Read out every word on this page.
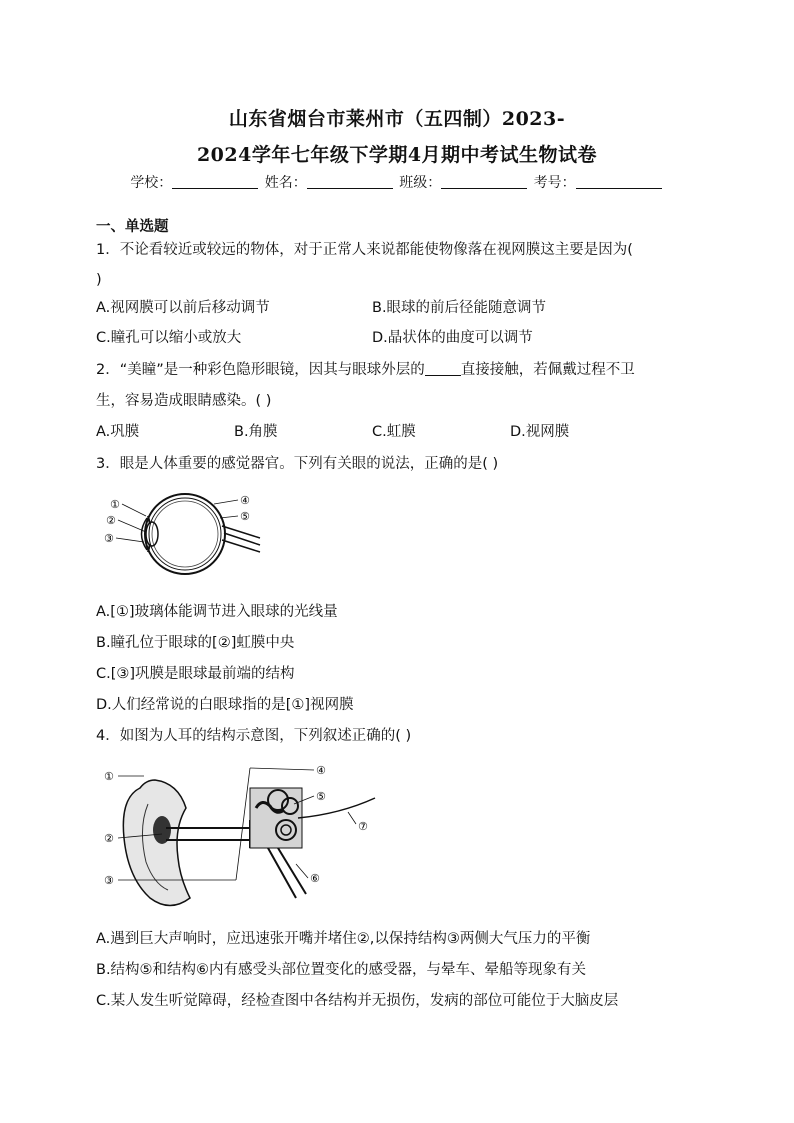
山东省烟台市莱州市（五四制）2023-
2024学年七年级下学期4月期中考试生物试卷
学校：	姓名：	班级：	考号：
一、单选题
1．不论看较近或较远的物体，对于正常人来说都能使物像落在视网膜这主要是因为(
)
A.视网膜可以前后移动调节	B.眼球的前后径能随意调节
C.瞳孔可以缩小或放大	D.晶状体的曲度可以调节
2．“美瞳”是一种彩色隐形眼镜，因其与眼球外层的 直接接触，若佩戴过程不卫
生，容易造成眼睛感染。( )
A.巩膜	B.角膜	C.虹膜	D.视网膜
3．眼是人体重要的感觉器官。下列有关眼的说法，正确的是( )
①
②
③
④
⑤
A.[①]玻璃体能调节进入眼球的光线量
B.瞳孔位于眼球的[②]虹膜中央
C.[③]巩膜是眼球最前端的结构
D.人们经常说的白眼球指的是[①]视网膜
4．如图为人耳的结构示意图，下列叙述正确的( )
①
②
③
④
⑤
⑥
⑦
A.遇到巨大声响时，应迅速张开嘴并堵住②,以保持结构③两侧大气压力的平衡
B.结构⑤和结构⑥内有感受头部位置变化的感受器，与晕车、晕船等现象有关
C.某人发生听觉障碍，经检查图中各结构并无损伤，发病的部位可能位于大脑皮层
